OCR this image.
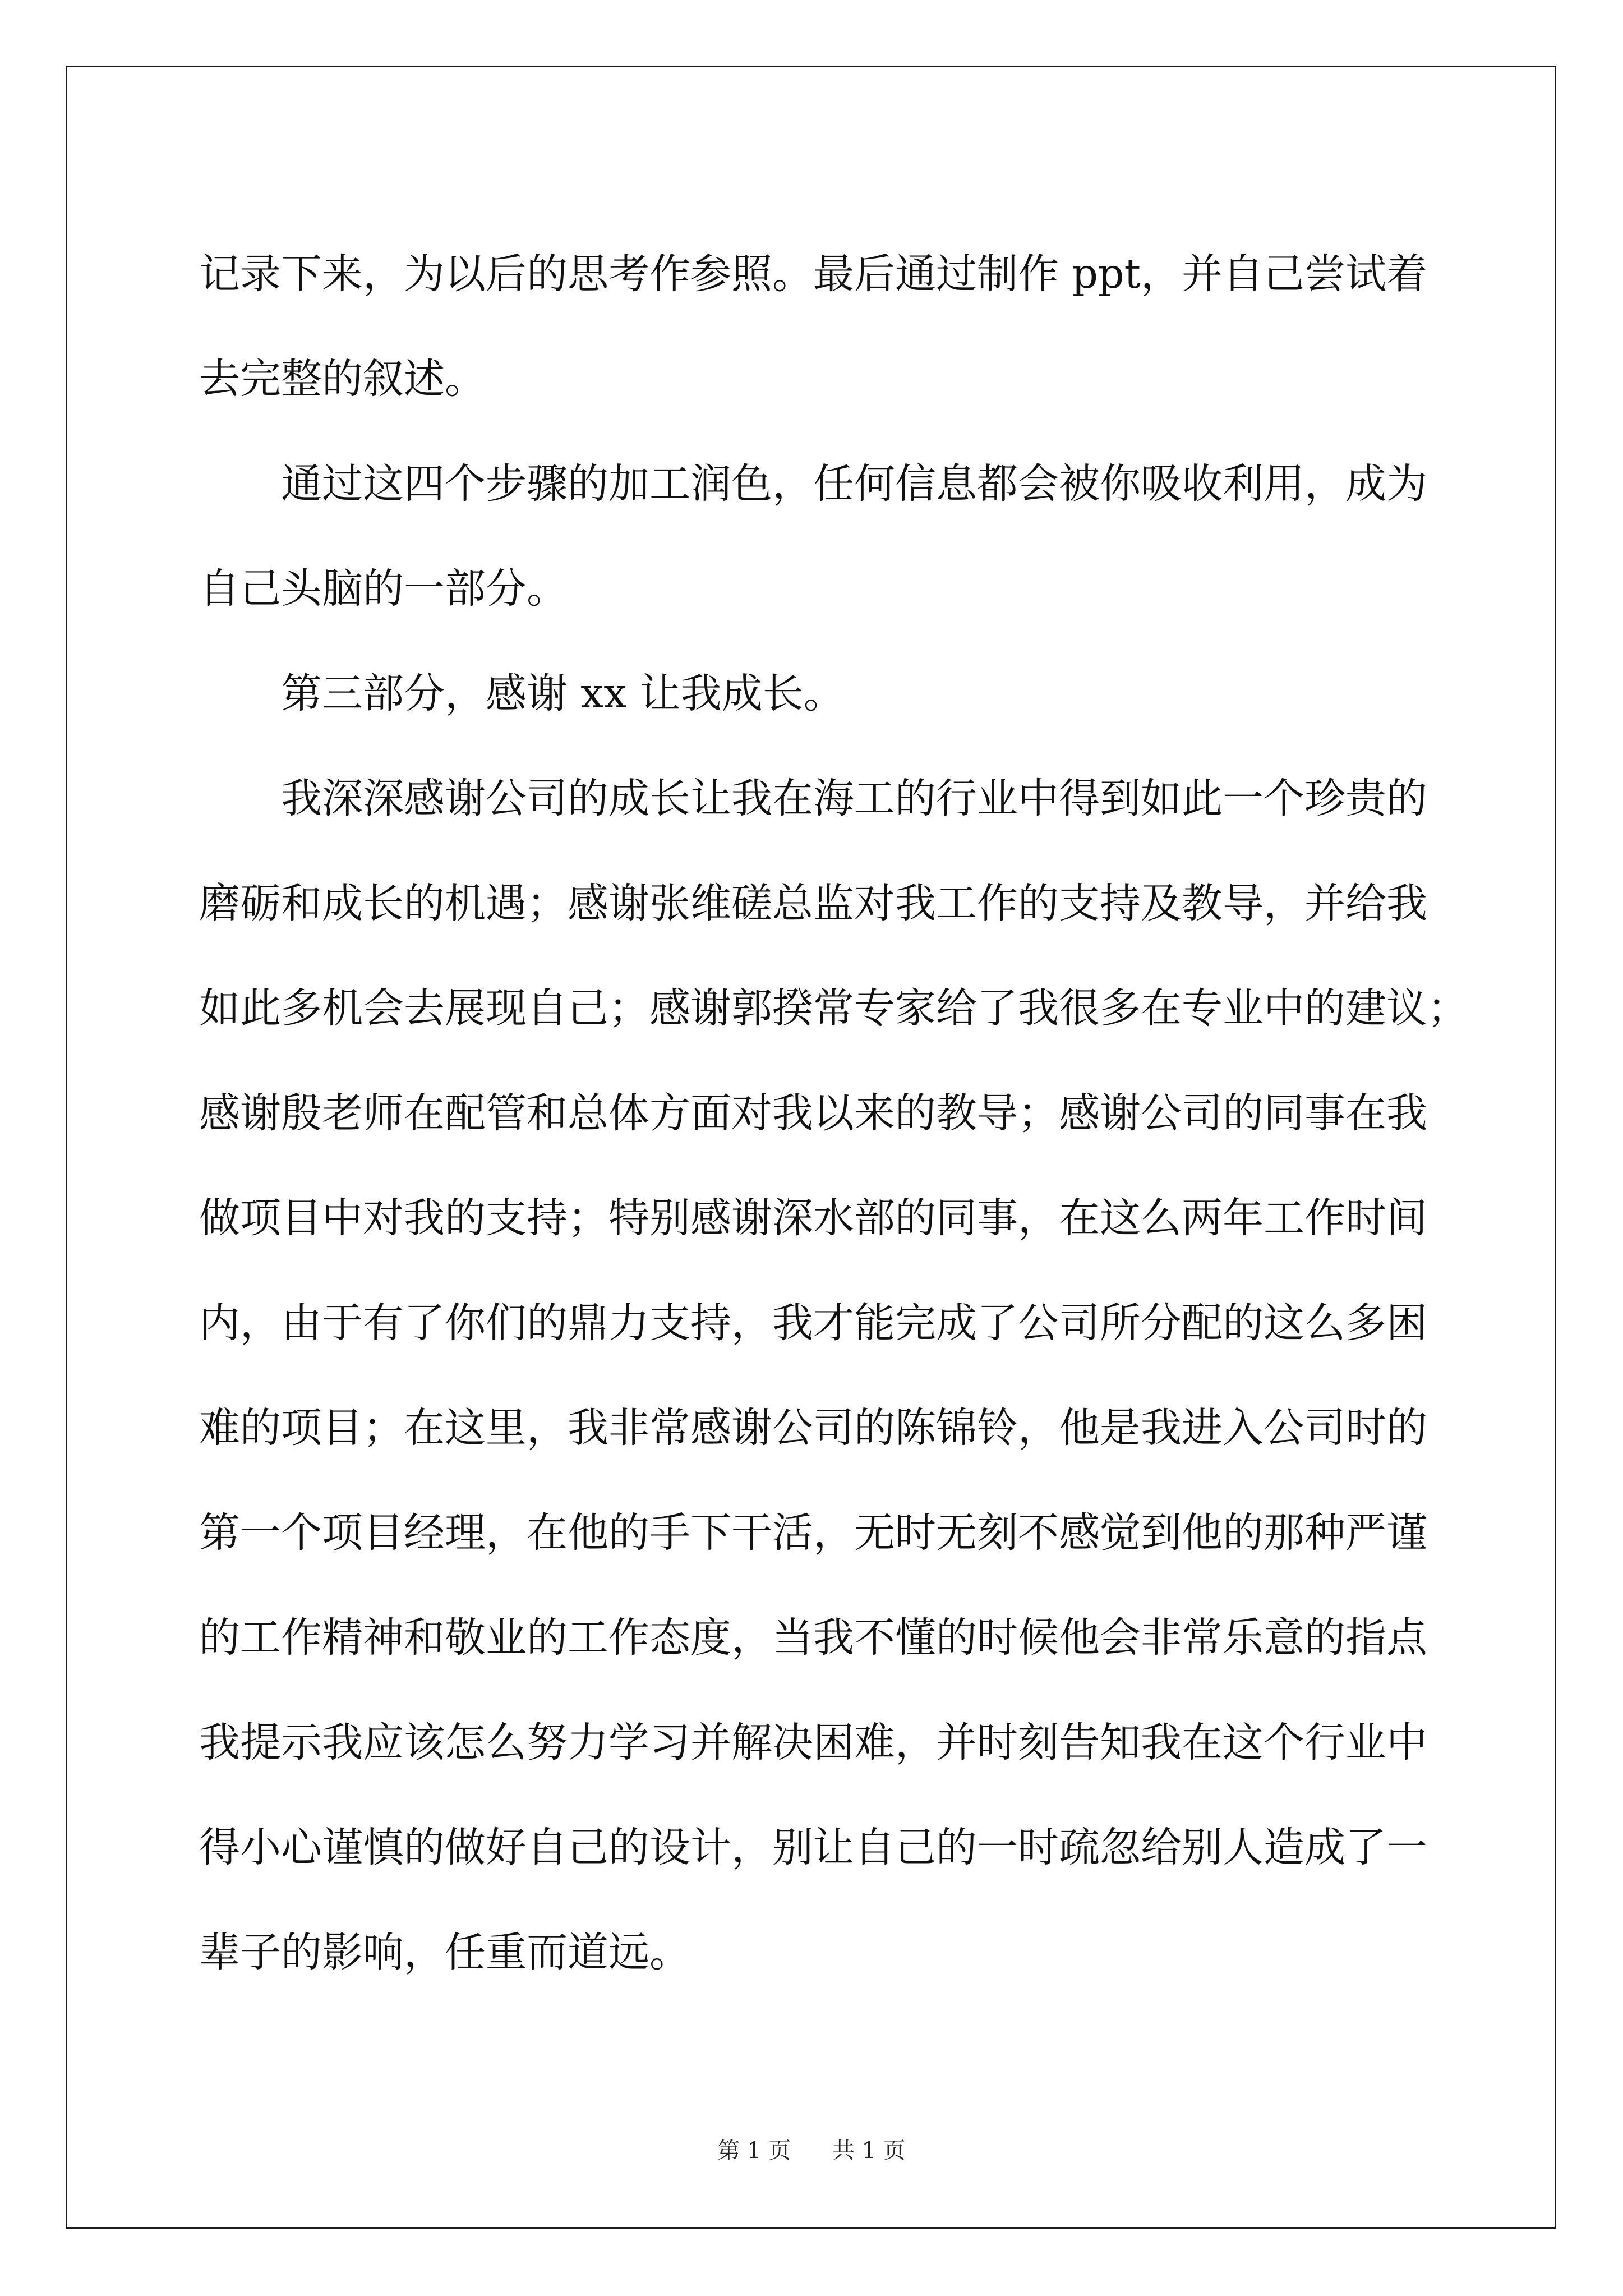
记录下来，为以后的思考作参照。最后通过制作 ppt，并自己尝试着
去完整的叙述。
通过这四个步骤的加工润色，任何信息都会被你吸收利用，成为
自己头脑的一部分。
第三部分，感谢 xx 让我成长。
我深深感谢公司的成长让我在海工的行业中得到如此一个珍贵的
磨砺和成长的机遇；感谢张维磋总监对我工作的支持及教导，并给我
如此多机会去展现自己；感谢郭揆常专家给了我很多在专业中的建议；
感谢殷老师在配管和总体方面对我以来的教导；感谢公司的同事在我
做项目中对我的支持；特别感谢深水部的同事，在这么两年工作时间
内，由于有了你们的鼎力支持，我才能完成了公司所分配的这么多困
难的项目；在这里，我非常感谢公司的陈锦铃，他是我进入公司时的
第一个项目经理，在他的手下干活，无时无刻不感觉到他的那种严谨
的工作精神和敬业的工作态度，当我不懂的时候他会非常乐意的指点
我提示我应该怎么努力学习并解决困难，并时刻告知我在这个行业中
得小心谨慎的做好自己的设计，别让自己的一时疏忽给别人造成了一
辈子的影响，任重而道远。
第 1 页 共 1 页
